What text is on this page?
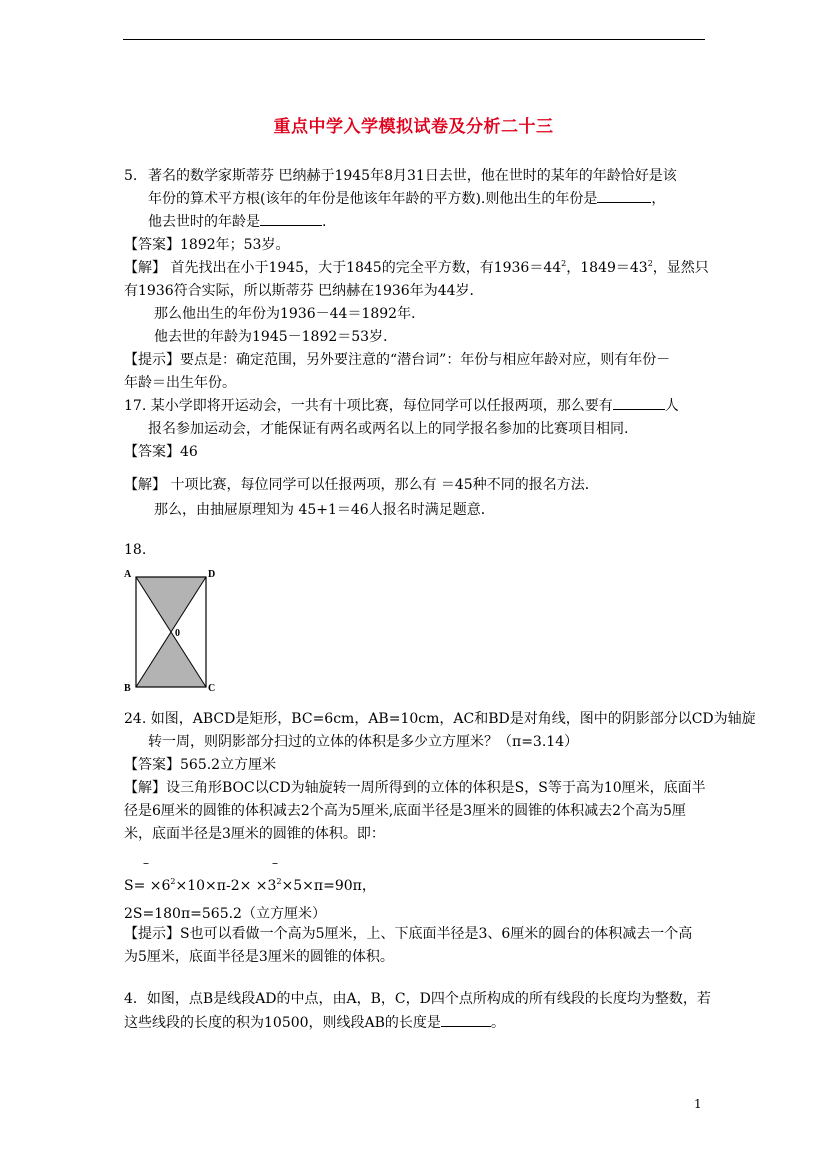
重点中学入学模拟试卷及分析二十三
5. 著名的数学家斯蒂芬 巴纳赫于1945年8月31日去世，他在世时的某年的年龄恰好是该
年份的算术平方根(该年的年份是他该年年龄的平方数).则他出生的年份是	，
他去世时的年龄是	.
【答案】1892年；53岁。
【解】 首先找出在小于1945，大于1845的完全平方数，有$1936=44^2$，$1849=43^2$，显然只
有1936符合实际，所以斯蒂芬 巴纳赫在1936年为44岁．
那么他出生的年份为1936－44＝1892年．
他去世的年龄为1945－1892＝53岁．
【提示】要点是：确定范围，另外要注意的“潜台词”：年份与相应年龄对应，则有年份－
年龄＝出生年份。
17. 某小学即将开运动会，一共有十项比赛，每位同学可以任报两项，那么要有	人
报名参加运动会，才能保证有两名或两名以上的同学报名参加的比赛项目相同.
【答案】46
【解】 十项比赛，每位同学可以任报两项，那么有 ＝45种不同的报名方法．
那么，由抽屉原理知为 45+1＝46人报名时满足题意．
18.
A	D
0
B	C
24. 如图，ABCD是矩形，BC=6cm，AB=10cm，AC和BD是对角线，图中的阴影部分以CD为轴旋
转一周，则阴影部分扫过的立体的体积是多少立方厘米？（π=3.14）
【答案】565.2立方厘米
【解】设三角形BOC以CD为轴旋转一周所得到的立体的体积是S，S等于高为10厘米，底面半
径是6厘米的圆锥的体积减去2个高为5厘米,底面半径是3厘米的圆锥的体积减去2个高为5厘
米，底面半径是3厘米的圆锥的体积。即：
–	–
$S= \times 6^2\times 10\times\pi-2\times \times 3^2\times 5\times\pi=90\pi$，
2S=180π=565.2（立方厘米）
【提示】S也可以看做一个高为5厘米，上、下底面半径是3、6厘米的圆台的体积减去一个高
为5厘米，底面半径是3厘米的圆锥的体积。
4．如图，点B是线段AD的中点，由A，B，C，D四个点所构成的所有线段的长度均为整数，若
这些线段的长度的积为10500，则线段AB的长度是	。
1
